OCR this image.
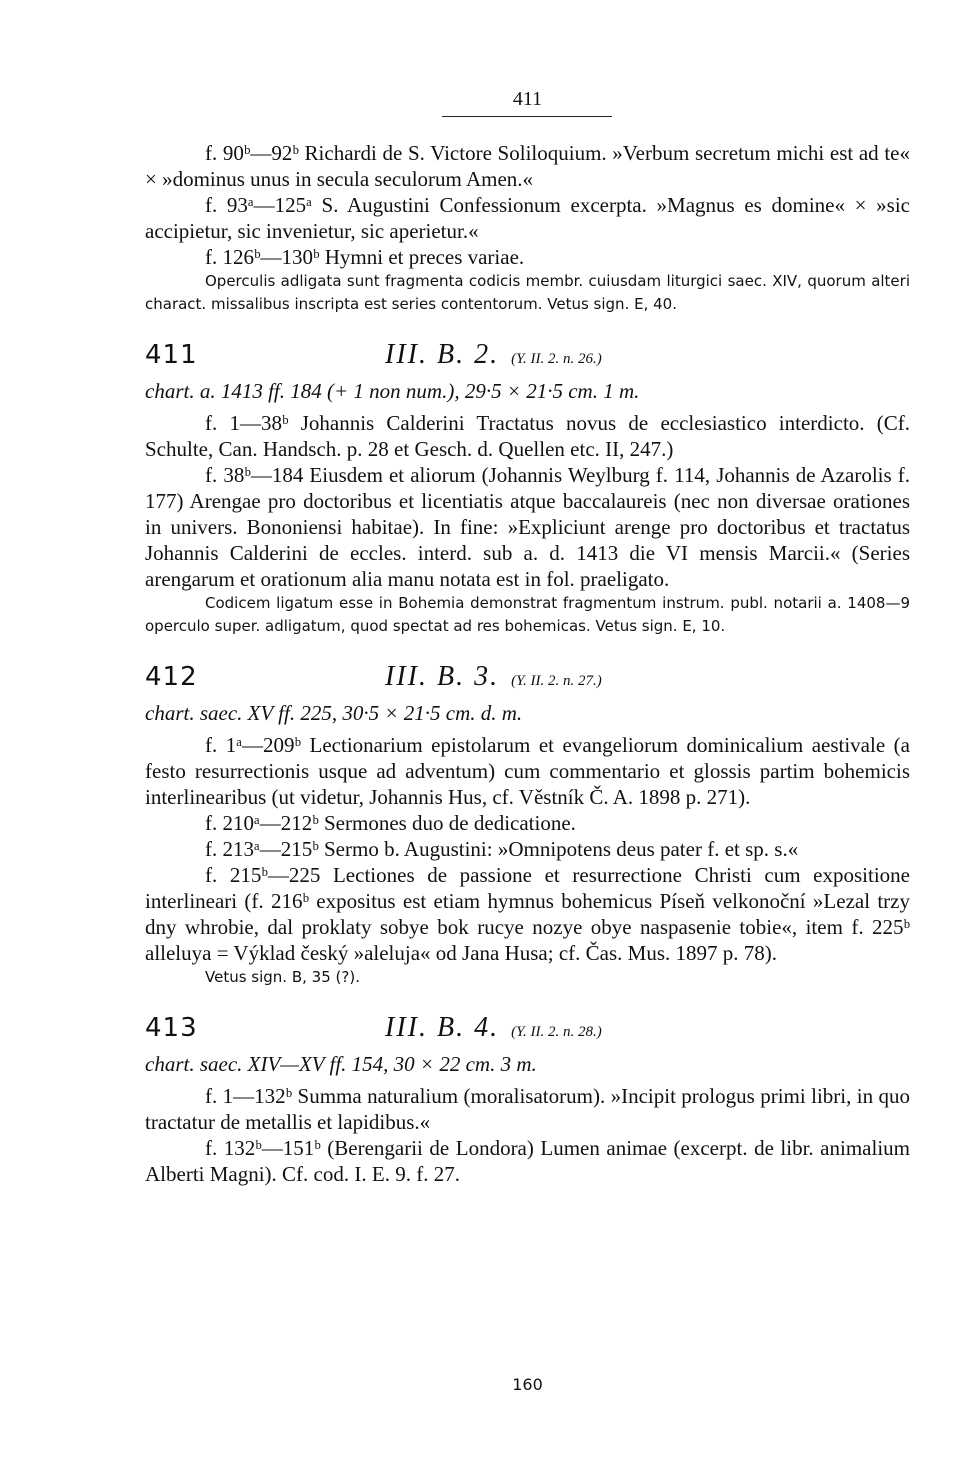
411

f. 90ᵇ—92ᵇ Richardi de S. Victore Soliloquium. »Verbum secretum michi est ad te« × »dominus unus in secula seculorum Amen.«

f. 93ᵃ—125ᵃ S. Augustini Confessionum excerpta. »Magnus es domine« × »sic accipietur, sic invenietur, sic aperietur.«

f. 126ᵇ—130ᵇ Hymni et preces variae.

Operculis adligata sunt fragmenta codicis membr. cuiusdam liturgici saec. XIV, quorum alteri charact. missalibus inscripta est series contentorum. Vetus sign. E, 40.

411	III. B. 2. (Y. II. 2. n. 26.)

chart. a. 1413 ff. 184 (+ 1 non num.), 29·5 × 21·5 cm. 1 m.

f. 1—38ᵇ Johannis Calderini Tractatus novus de ecclesiastico interdicto. (Cf. Schulte, Can. Handsch. p. 28 et Gesch. d. Quellen etc. II, 247.)

f. 38ᵇ—184 Eiusdem et aliorum (Johannis Weylburg f. 114, Johannis de Azarolis f. 177) Arengae pro doctoribus et licentiatis atque baccalaureis (nec non diversae orationes in univers. Bononiensi habitae). In fine: »Expliciunt arenge pro doctoribus et tractatus Johannis Calderini de eccles. interd. sub a. d. 1413 die VI mensis Marcii.« (Series arengarum et orationum alia manu notata est in fol. praeligato.

Codicem ligatum esse in Bohemia demonstrat fragmentum instrum. publ. notarii a. 1408—9 operculo super. adligatum, quod spectat ad res bohemicas. Vetus sign. E, 10.

412	III. B. 3. (Y. II. 2. n. 27.)

chart. saec. XV ff. 225, 30·5 × 21·5 cm. d. m.

f. 1ᵃ—209ᵇ Lectionarium epistolarum et evangeliorum dominicalium aestivale (a festo resurrectionis usque ad adventum) cum commentario et glossis partim bohemicis interlinearibus (ut videtur, Johannis Hus, cf. Věstník Č. A. 1898 p. 271).

f. 210ᵃ—212ᵇ Sermones duo de dedicatione.

f. 213ᵃ—215ᵇ Sermo b. Augustini: »Omnipotens deus pater f. et sp. s.«

f. 215ᵇ—225 Lectiones de passione et resurrectione Christi cum expositione interlineari (f. 216ᵇ expositus est etiam hymnus bohemicus Píseň velkonoční »Lezal trzy dny whrobie, dal proklaty sobye bok rucye nozye obye naspasenie tobie«, item f. 225ᵇ alleluya = Výklad český »aleluja« od Jana Husa; cf. Čas. Mus. 1897 p. 78).

Vetus sign. B, 35 (?).

413	III. B. 4. (Y. II. 2. n. 28.)

chart. saec. XIV—XV ff. 154, 30 × 22 cm. 3 m.

f. 1—132ᵇ Summa naturalium (moralisatorum). »Incipit prologus primi libri, in quo tractatur de metallis et lapidibus.«

f. 132ᵇ—151ᵇ (Berengarii de Londora) Lumen animae (excerpt. de libr. animalium Alberti Magni). Cf. cod. I. E. 9. f. 27.

160
